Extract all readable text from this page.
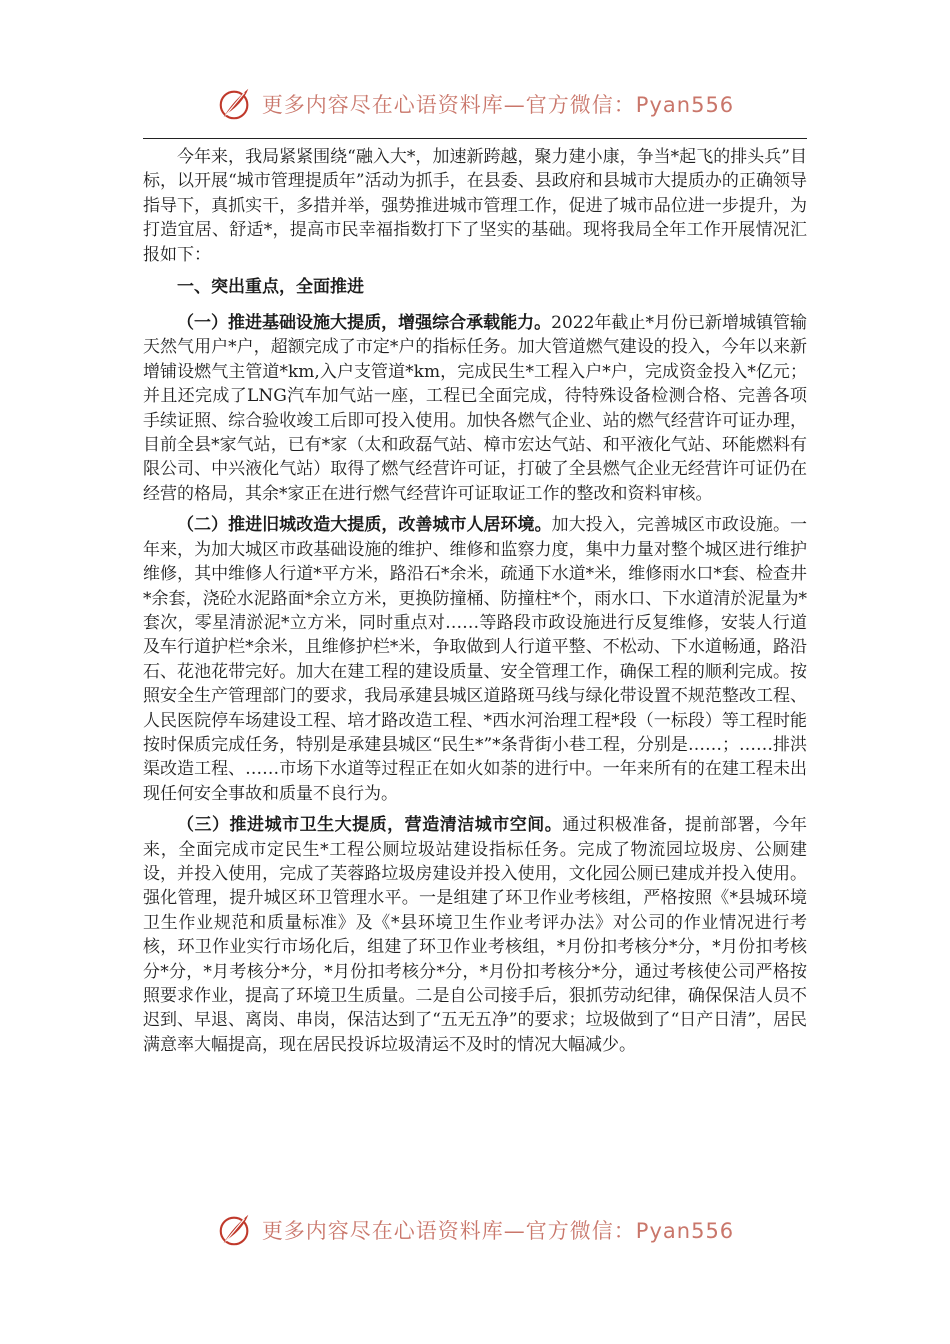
更多内容尽在心语资料库—官方微信：Pyan556

今年来，我局紧紧围绕“融入大*，加速新跨越，聚力建小康，争当*起飞的排头兵”目标，以开展“城市管理提质年”活动为抓手，在县委、县政府和县城市大提质办的正确领导指导下，真抓实干，多措并举，强势推进城市管理工作，促进了城市品位进一步提升，为打造宜居、舒适*，提高市民幸福指数打下了坚实的基础。现将我局全年工作开展情况汇报如下：

一、突出重点，全面推进

（一）推进基础设施大提质，增强综合承载能力。2022年截止*月份已新增城镇管输天然气用户*户，超额完成了市定*户的指标任务。加大管道燃气建设的投入，今年以来新增铺设燃气主管道*km,入户支管道*km，完成民生*工程入户*户，完成资金投入*亿元；并且还完成了LNG汽车加气站一座，工程已全面完成，待特殊设备检测合格、完善各项手续证照、综合验收竣工后即可投入使用。加快各燃气企业、站的燃气经营许可证办理，目前全县*家气站，已有*家（太和政磊气站、樟市宏达气站、和平液化气站、环能燃料有限公司、中兴液化气站）取得了燃气经营许可证，打破了全县燃气企业无经营许可证仍在经营的格局，其余*家正在进行燃气经营许可证取证工作的整改和资料审核。

（二）推进旧城改造大提质，改善城市人居环境。加大投入，完善城区市政设施。一年来，为加大城区市政基础设施的维护、维修和监察力度，集中力量对整个城区进行维护维修，其中维修人行道*平方米，路沿石*余米，疏通下水道*米，维修雨水口*套、检查井*余套，浇砼水泥路面*余立方米，更换防撞桶、防撞柱*个，雨水口、下水道清於泥量为*套次，零星清淤泥*立方米，同时重点对……等路段市政设施进行反复维修，安装人行道及车行道护栏*余米，且维修护栏*米，争取做到人行道平整、不松动、下水道畅通，路沿石、花池花带完好。加大在建工程的建设质量、安全管理工作，确保工程的顺利完成。按照安全生产管理部门的要求，我局承建县城区道路斑马线与绿化带设置不规范整改工程、人民医院停车场建设工程、培才路改造工程、*西水河治理工程*段（一标段）等工程时能按时保质完成任务，特别是承建县城区“民生*”*条背街小巷工程，分别是……；……排洪渠改造工程、……市场下水道等过程正在如火如荼的进行中。一年来所有的在建工程未出现任何安全事故和质量不良行为。

（三）推进城市卫生大提质，营造清洁城市空间。通过积极准备，提前部署，今年来，全面完成市定民生*工程公厕垃圾站建设指标任务。完成了物流园垃圾房、公厕建设，并投入使用，完成了芙蓉路垃圾房建设并投入使用，文化园公厕已建成并投入使用。强化管理，提升城区环卫管理水平。一是组建了环卫作业考核组，严格按照《*县城环境卫生作业规范和质量标准》及《*县环境卫生作业考评办法》对公司的作业情况进行考核，环卫作业实行市场化后，组建了环卫作业考核组，*月份扣考核分*分，*月份扣考核分*分，*月考核分*分，*月份扣考核分*分，*月份扣考核分*分，通过考核使公司严格按照要求作业，提高了环境卫生质量。二是自公司接手后，狠抓劳动纪律，确保保洁人员不迟到、早退、离岗、串岗，保洁达到了“五无五净”的要求；垃圾做到了“日产日清”，居民满意率大幅提高，现在居民投诉垃圾清运不及时的情况大幅减少。

更多内容尽在心语资料库—官方微信：Pyan556
